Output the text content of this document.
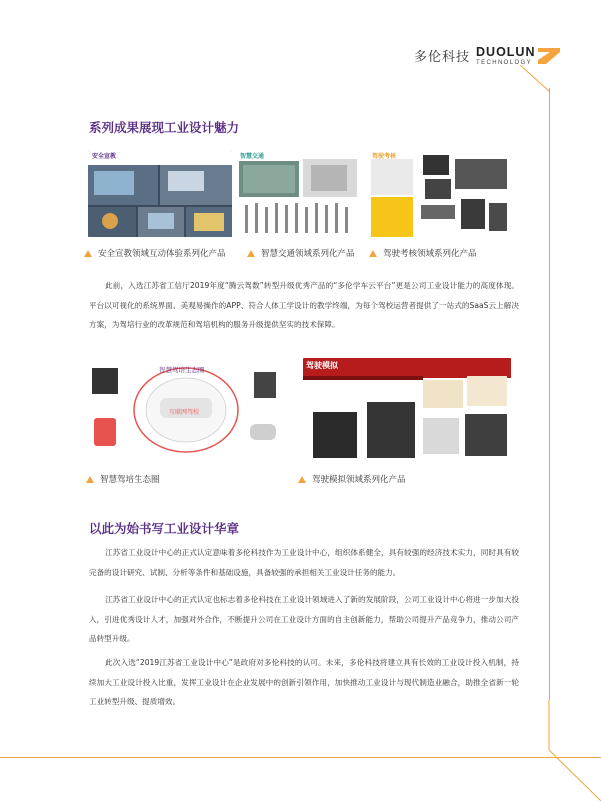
多伦科技 DUOLUN
TECHNOLOGY
系列成果展现工业设计魅力
安全宣教	智慧交通	驾驶考核
安全宣教领域互动体验系列化产品	智慧交通领域系列化产品	驾驶考核领域系列化产品

此前，入选江苏省工信厅2019年度“腾云驾数”转型升级优秀产品的“多伦学车云平台”更是公司工业设计能力的高度体现。平台以可视化的系统界面、美观易操作的APP、符合人体工学设计的教学终端，为每个驾校运营者提供了一站式的SaaS云上解决方案，为驾培行业的改革规范和驾培机构的服务升级提供坚实的技术保障。

智慧驾培生态圈
互联网驾校
驾驶模拟
智慧驾培生态圈	驾驶模拟领域系列化产品
以此为始书写工业设计华章

江苏省工业设计中心的正式认定意味着多伦科技作为工业设计中心，组织体系健全，具有较强的经济技术实力，同时具有较完备的设计研究、试制、分析等条件和基础设施，具备较强的承担相关工业设计任务的能力。

江苏省工业设计中心的正式认定也标志着多伦科技在工业设计领域进入了新的发展阶段，公司工业设计中心将进一步加大投入，引进优秀设计人才，加强对外合作，不断提升公司在工业设计方面的自主创新能力，帮助公司提升产品竞争力，推动公司产品转型升级。

此次入选“2019江苏省工业设计中心”是政府对多伦科技的认可。未来，多伦科技将建立具有长效的工业设计投入机制，持续加大工业设计投入比重，发挥工业设计在企业发展中的创新引领作用，加快推动工业设计与现代制造业融合，助推全省新一轮工业转型升级、提质增效。
